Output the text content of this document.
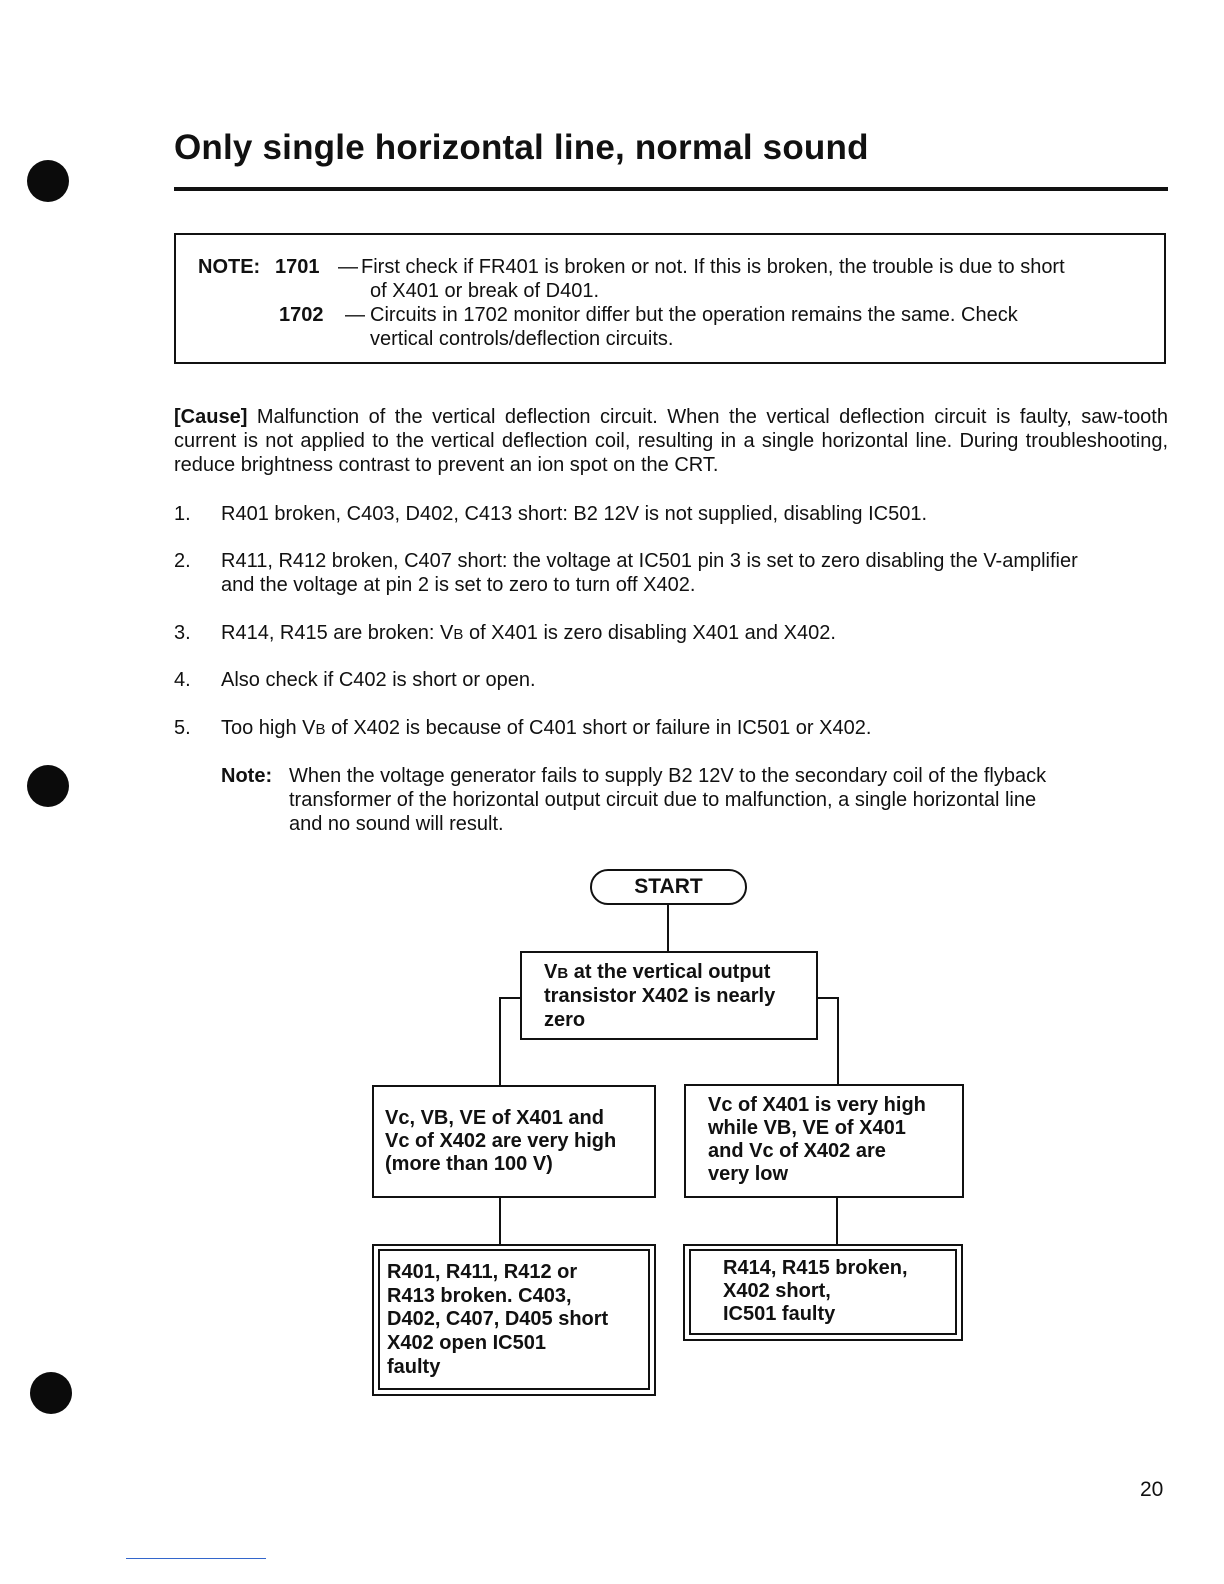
Only single horizontal line, normal sound
NOTE: 1701 — First check if FR401 is broken or not. If this is broken, the trouble is due to short
of X401 or break of D401.
1702 — Circuits in 1702 monitor differ but the operation remains the same. Check
vertical controls/deflection circuits.
[Cause] Malfunction of the vertical deflection circuit. When the vertical deflection circuit is faulty, saw-tooth current is not applied to the vertical deflection coil, resulting in a single horizontal line. During troubleshooting, reduce brightness contrast to prevent an ion spot on the CRT.
1. R401 broken, C403, D402, C413 short: B2 12V is not supplied, disabling IC501.
2. R411, R412 broken, C407 short: the voltage at IC501 pin 3 is set to zero disabling the V-amplifier
and the voltage at pin 2 is set to zero to turn off X402.
3. R414, R415 are broken: VB of X401 is zero disabling X401 and X402.
4. Also check if C402 is short or open.
5. Too high VB of X402 is because of C401 short or failure in IC501 or X402.
Note: When the voltage generator fails to supply B2 12V to the secondary coil of the flyback
transformer of the horizontal output circuit due to malfunction, a single horizontal line
and no sound will result.
START
VB at the vertical output
transistor X402 is nearly
zero
Vc, VB, VE of X401 and
Vc of X402 are very high
(more than 100 V)
Vc of X401 is very high
while VB, VE of X401
and Vc of X402 are
very low
R401, R411, R412 or
R413 broken. C403,
D402, C407, D405 short
X402 open IC501
faulty
R414, R415 broken,
X402 short,
IC501 faulty
20
